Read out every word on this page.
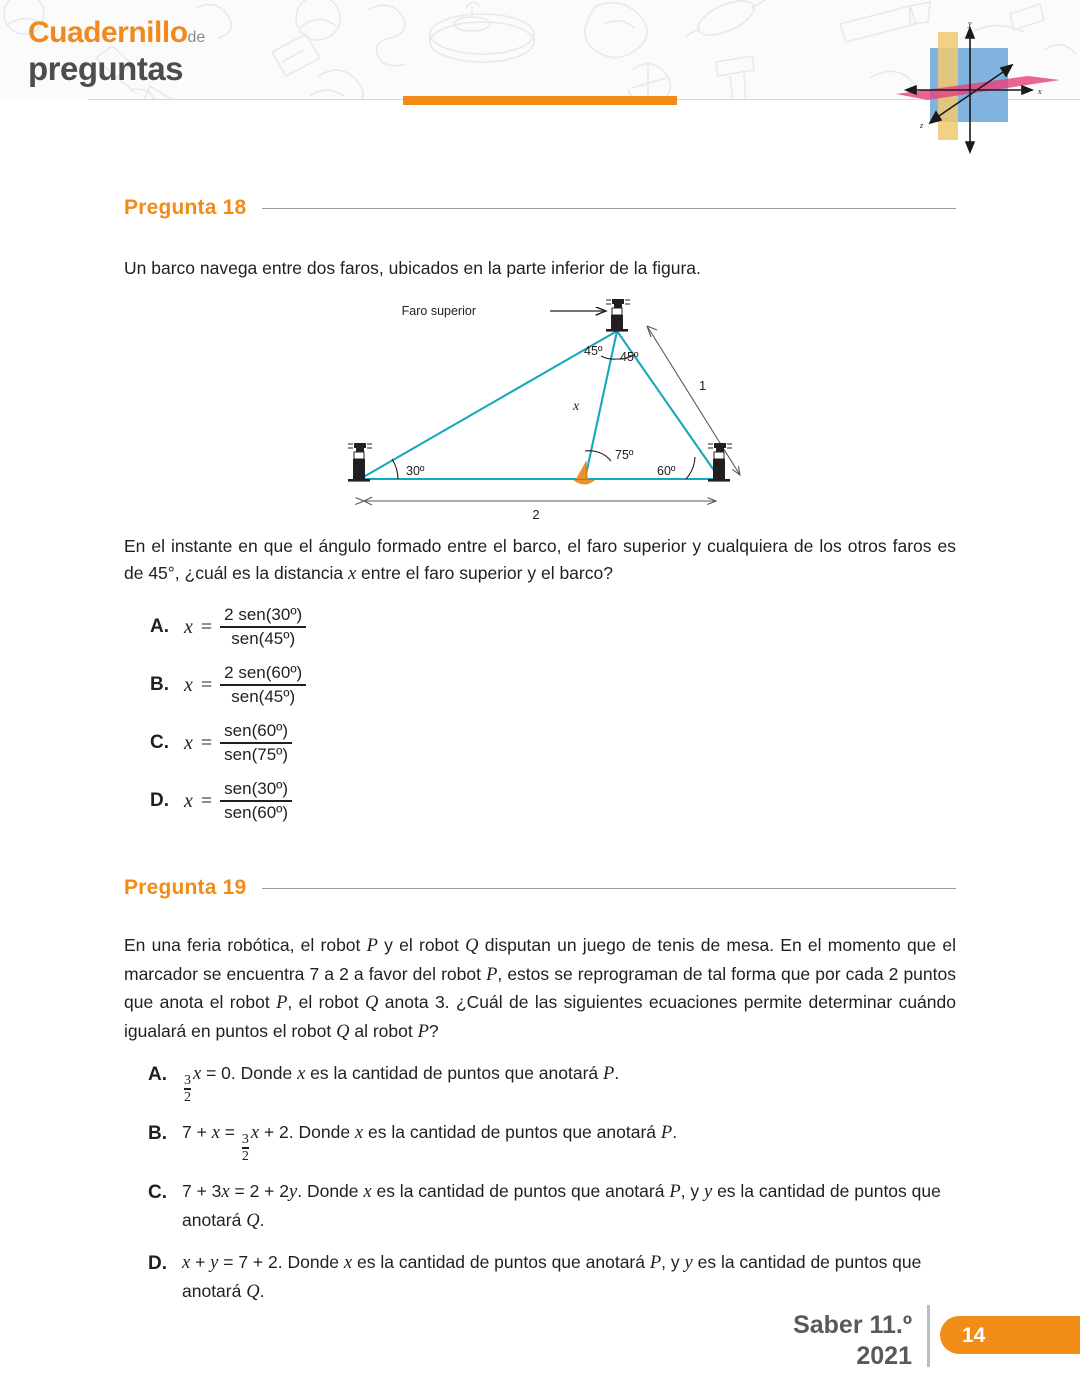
Cuadernillode
preguntas
y
x
z
Pregunta 18
Un barco navega entre dos faros, ubicados en la parte inferior de la figura.
Faro superior
45º 45º
30º
75º
60º
x
1
2
En el instante en que el ángulo formado entre el barco, el faro superior y cualquiera de los otros faros es de 45°, ¿cuál es la distancia x entre el faro superior y el barco?
A. $x = \frac{\text{2 sen(30º)}}{\text{sen(45º)}}$
B. $x = \frac{\text{2 sen(60º)}}{\text{sen(45º)}}$
C. $x = \frac{\text{sen(60º)}}{\text{sen(75º)}}$
D. $x = \frac{\text{sen(30º)}}{\text{sen(60º)}}$
Pregunta 19
En una feria robótica, el robot P y el robot Q disputan un juego de tenis de mesa. En el momento que el marcador se encuentra 7 a 2 a favor del robot P, estos se reprograman de tal forma que por cada 2 puntos que anota el robot P, el robot Q anota 3. ¿Cuál de las siguientes ecuaciones permite determinar cuándo igualará en puntos el robot Q al robot P?
A.	$\frac{3}{2}$ x = 0. Donde x es la cantidad de puntos que anotará P.
B. $7 + x = \frac{3}{2}$ x + 2. Donde x es la cantidad de puntos que anotará P.
C. 7 + 3x = 2 + 2y. Donde x es la cantidad de puntos que anotará P, y y es la cantidad de puntos que anotará Q.
D. x + y = 7 + 2. Donde x es la cantidad de puntos que anotará P, y y es la cantidad de puntos que anotará Q.
Saber 11.º
2021
14
